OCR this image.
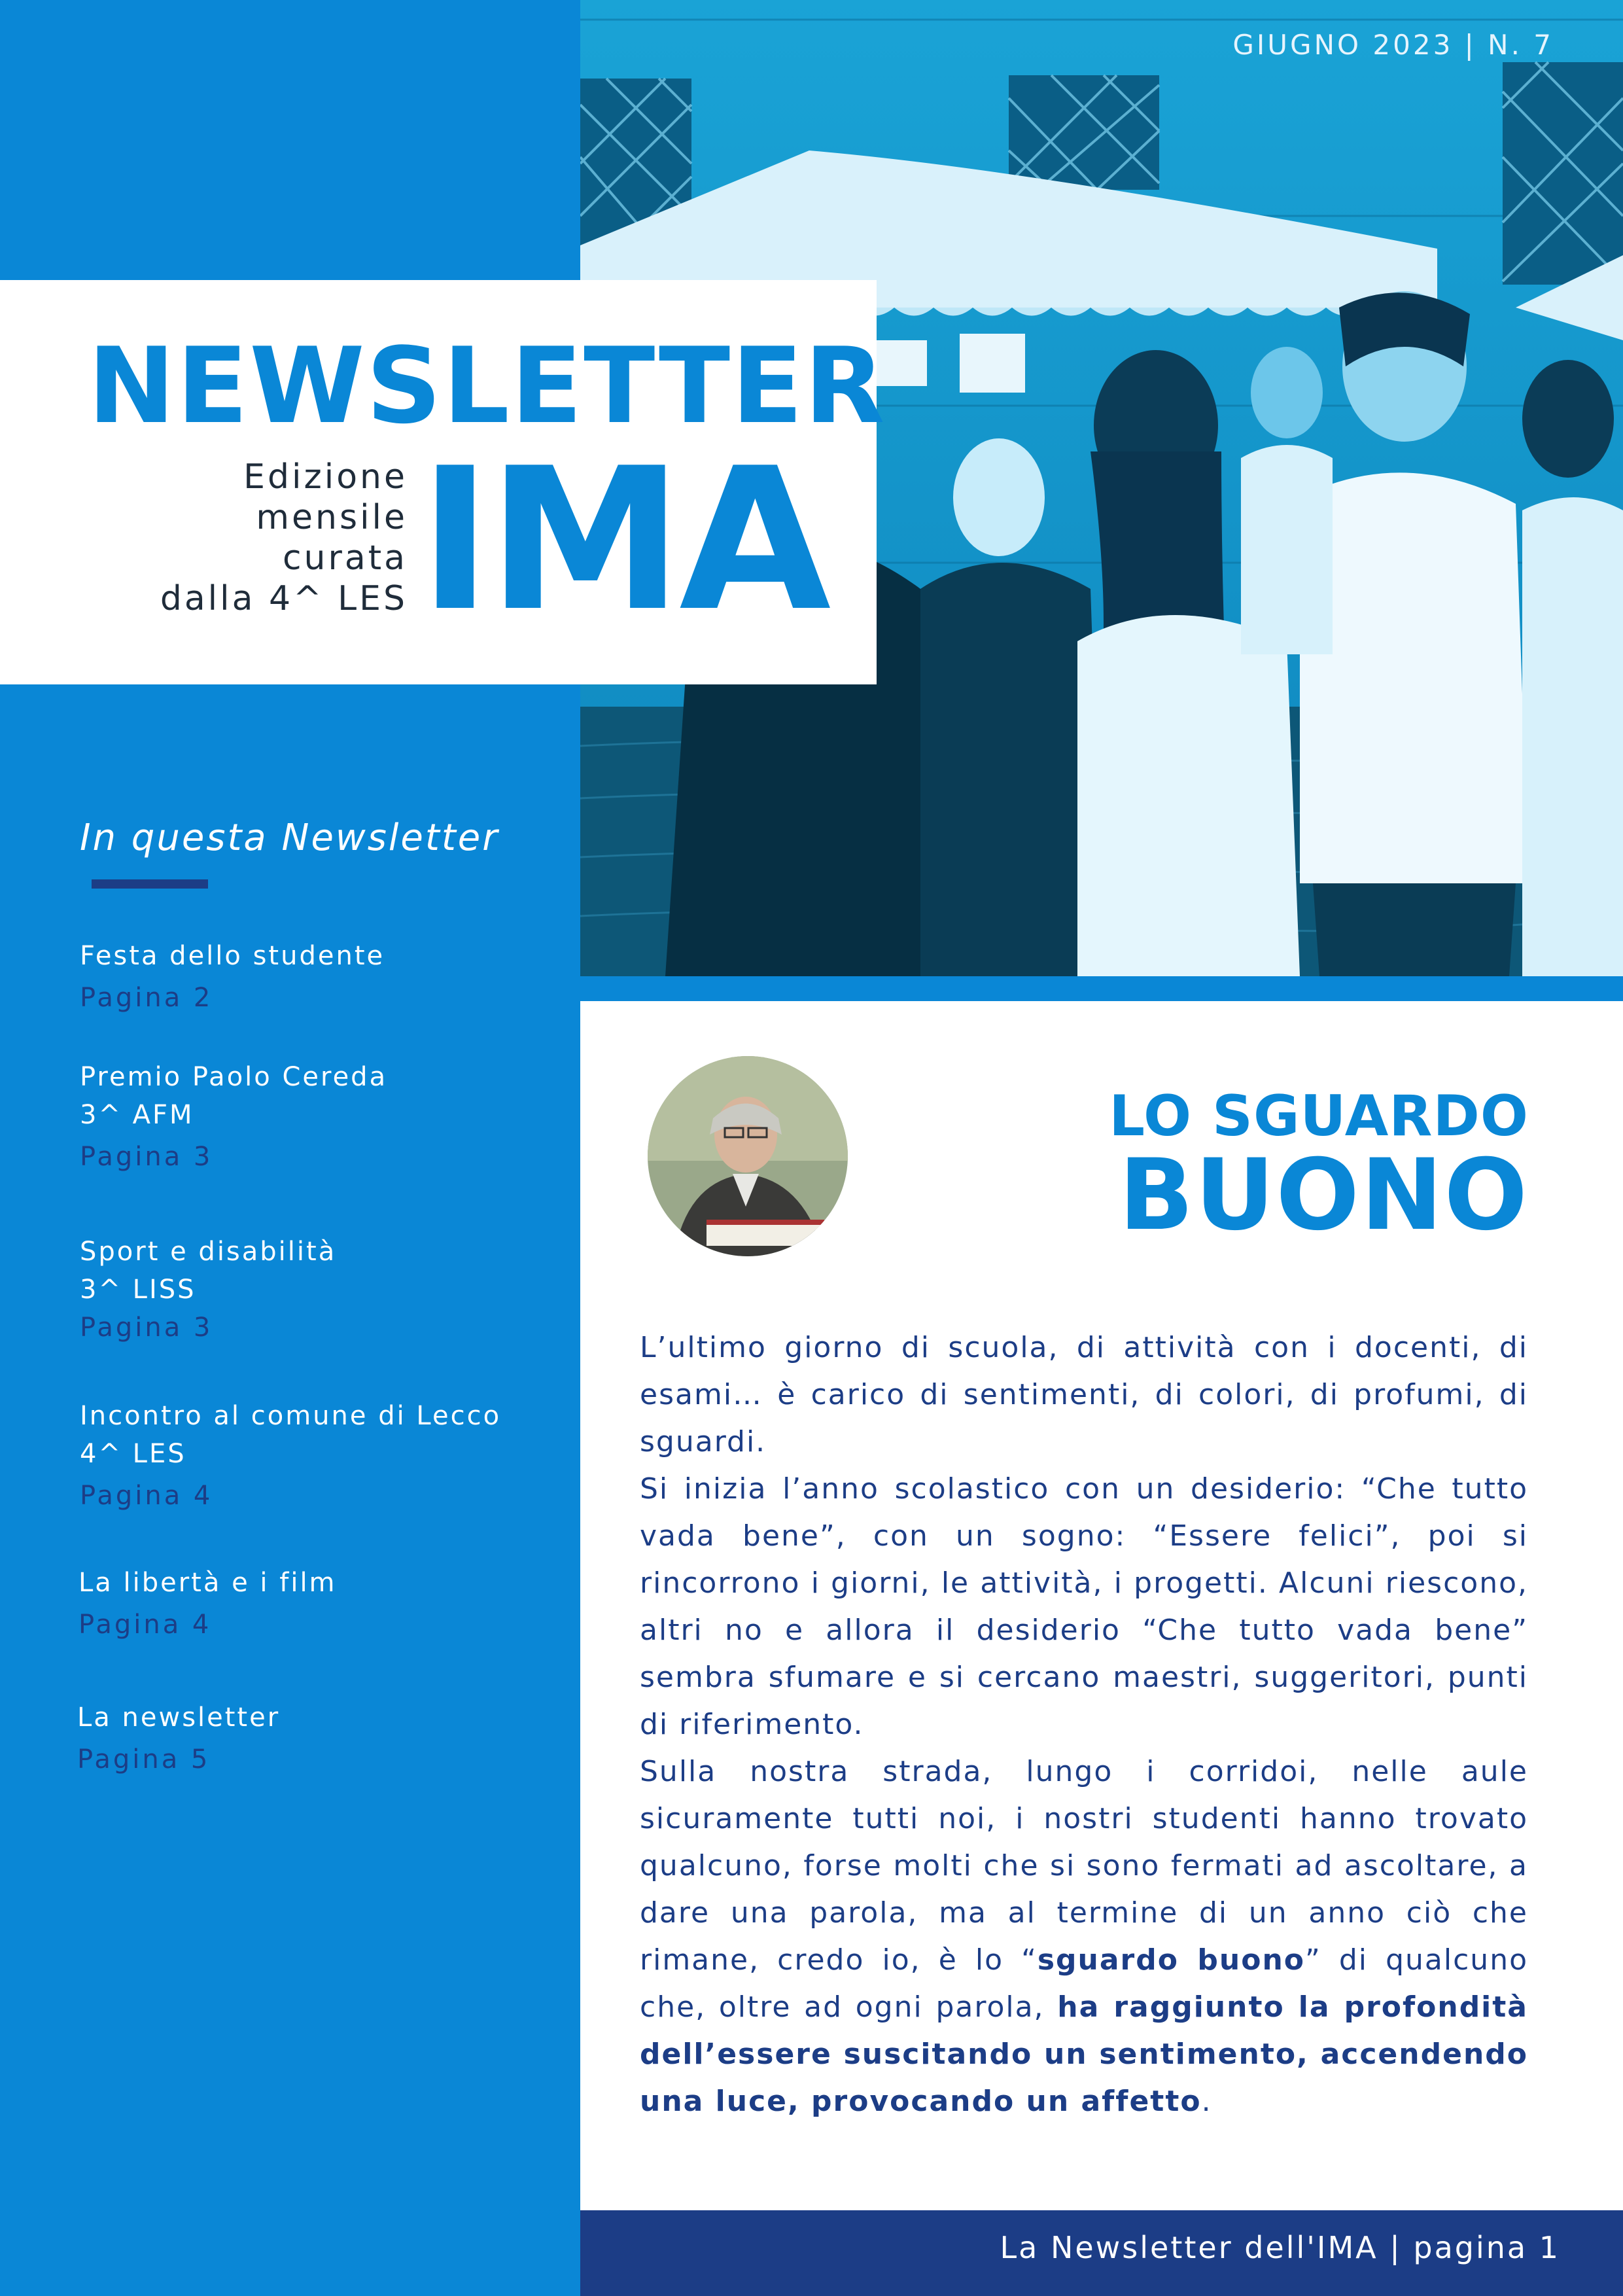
GIUGNO 2023 | N. 7
NEWSLETTER
IMA
Edizione
mensile
curata
dalla 4^ LES
In questa Newsletter
Festa dello studente
Pagina 2
Premio Paolo Cereda
3^ AFM
Pagina 3
Sport e disabilità
3^ LISS
Pagina 3
Incontro al comune di Lecco
4^ LES
Pagina 4
La libertà e i film
Pagina 4
La newsletter
Pagina 5
LO SGUARDO
BUONO

L’ultimo giorno di scuola, di attività con i docenti, di esami… è carico di sentimenti, di colori, di profumi, di sguardi.

Si inizia l’anno scolastico con un desiderio: “Che tutto vada bene”, con un sogno: “Essere felici”, poi si rincorrono i giorni, le attività, i progetti. Alcuni riescono, altri no e allora il desiderio “Che tutto vada bene” sembra sfumare e si cercano maestri, suggeritori, punti di riferimento.

Sulla nostra strada, lungo i corridoi, nelle aule sicuramente tutti noi, i nostri studenti hanno trovato qualcuno, forse molti che si sono fermati ad ascoltare, a dare una parola, ma al termine di un anno ciò che rimane, credo io, è lo “sguardo buono” di qualcuno che, oltre ad ogni parola, ha raggiunto la profondità dell’essere suscitando un sentimento, accendendo una luce, provocando un affetto.

La Newsletter dell'IMA | pagina 1
